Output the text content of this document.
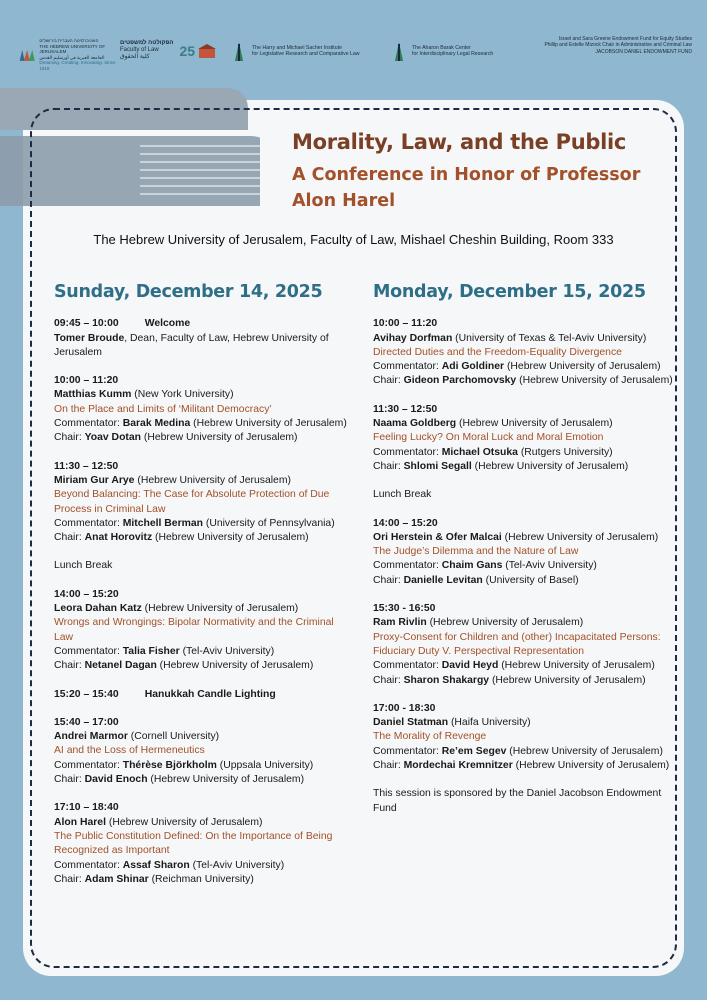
האוניברסיטה העברית בירושלים
THE HEBREW UNIVERSITY OF JERUSALEM
الجامعة العبرية في أورشليم القدس
Dreaming. Creating. Innovating. Since 1918
הפקולטה למשפטים
Faculty of Law
كلية الحقوق	25	The Harry and Michael Sacher Institute
for Legislative Research and Comparative Law
The Aharon Barak Center
for Interdisciplinary Legal Research
Israel and Sara Greene Endowment Fund for Equity Studies
Phillip and Estelle Mizock Chair in Administrative and Criminal Law
JACOBSON DANIEL ENDOWMENT FUND
Morality, Law, and the Public
A Conference in Honor of Professor
Alon Harel
The Hebrew University of Jerusalem, Faculty of Law, Mishael Cheshin Building, Room 333
Sunday, December 14, 2025
09:45 – 10:00	Welcome
Tomer Broude, Dean, Faculty of Law, Hebrew University of Jerusalem
10:00 – 11:20
Matthias Kumm (New York University)
On the Place and Limits of ‘Militant Democracy’
Commentator: Barak Medina (Hebrew University of Jerusalem)
Chair: Yoav Dotan (Hebrew University of Jerusalem)
11:30 – 12:50
Miriam Gur Arye (Hebrew University of Jerusalem)
Beyond Balancing: The Case for Absolute Protection of Due Process in Criminal Law
Commentator: Mitchell Berman (University of Pennsylvania)
Chair: Anat Horovitz (Hebrew University of Jerusalem)
Lunch Break
14:00 – 15:20
Leora Dahan Katz (Hebrew University of Jerusalem)
Wrongs and Wrongings: Bipolar Normativity and the Criminal Law
Commentator: Talia Fisher (Tel-Aviv University)
Chair: Netanel Dagan (Hebrew University of Jerusalem)
15:20 – 15:40	Hanukkah Candle Lighting
15:40 – 17:00
Andrei Marmor (Cornell University)
AI and the Loss of Hermeneutics
Commentator: Thérèse Björkholm (Uppsala University)
Chair: David Enoch (Hebrew University of Jerusalem)
17:10 – 18:40
Alon Harel (Hebrew University of Jerusalem)
The Public Constitution Defined: On the Importance of Being Recognized as Important
Commentator: Assaf Sharon (Tel-Aviv University)
Chair: Adam Shinar (Reichman University)
Monday, December 15, 2025
10:00 – 11:20
Avihay Dorfman (University of Texas & Tel-Aviv University)
Directed Duties and the Freedom-Equality Divergence
Commentator: Adi Goldiner (Hebrew University of Jerusalem)
Chair: Gideon Parchomovsky (Hebrew University of Jerusalem)
11:30 – 12:50
Naama Goldberg (Hebrew University of Jerusalem)
Feeling Lucky? On Moral Luck and Moral Emotion
Commentator: Michael Otsuka (Rutgers University)
Chair: Shlomi Segall (Hebrew University of Jerusalem)
Lunch Break
14:00 – 15:20
Ori Herstein & Ofer Malcai (Hebrew University of Jerusalem)
The Judge’s Dilemma and the Nature of Law
Commentator: Chaim Gans (Tel-Aviv University)
Chair: Danielle Levitan (University of Basel)
15:30 - 16:50
Ram Rivlin (Hebrew University of Jerusalem)
Proxy-Consent for Children and (other) Incapacitated Persons: Fiduciary Duty V. Perspectival Representation
Commentator: David Heyd (Hebrew University of Jerusalem)
Chair: Sharon Shakargy (Hebrew University of Jerusalem)
17:00 - 18:30
Daniel Statman (Haifa University)
The Morality of Revenge
Commentator: Re’em Segev (Hebrew University of Jerusalem)
Chair: Mordechai Kremnitzer (Hebrew University of Jerusalem)
This session is sponsored by the Daniel Jacobson Endowment Fund
